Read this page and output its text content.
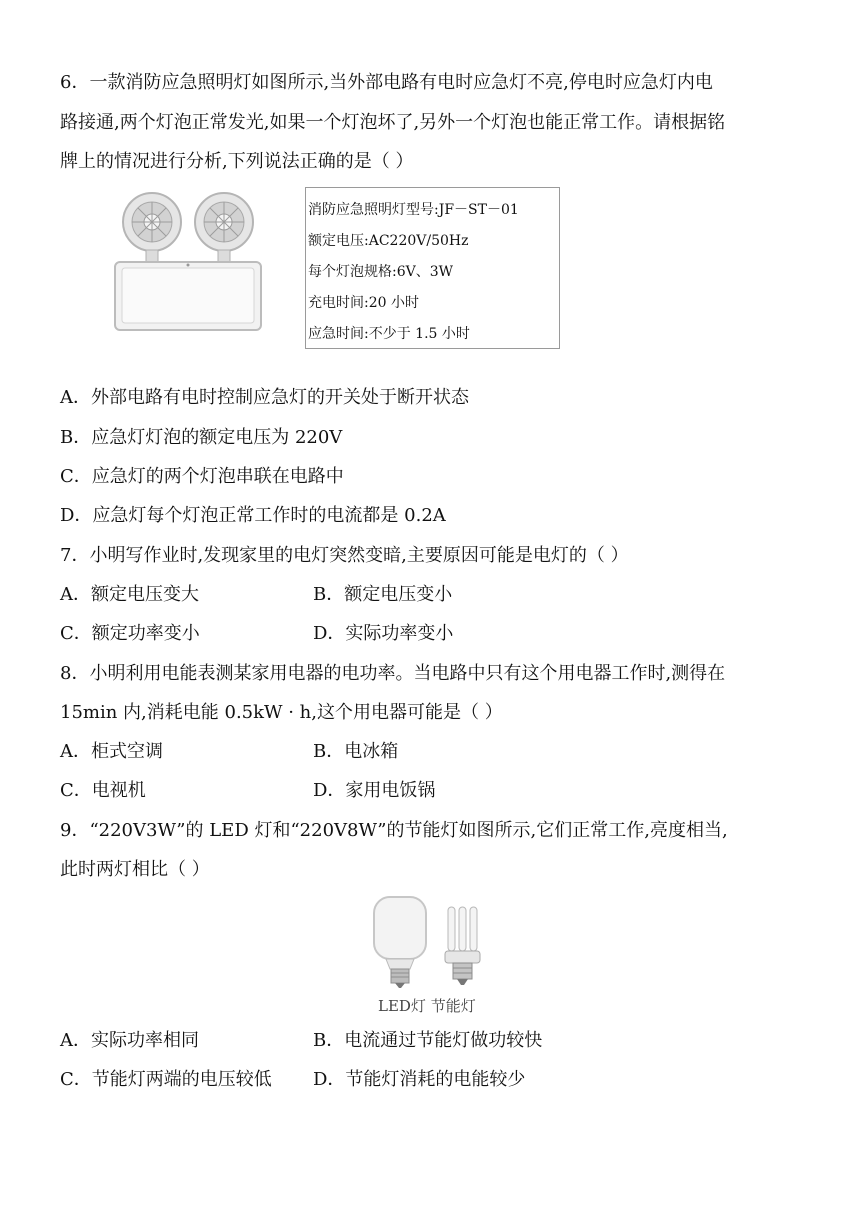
6．一款消防应急照明灯如图所示,当外部电路有电时应急灯不亮,停电时应急灯内电
路接通,两个灯泡正常发光,如果一个灯泡坏了,另外一个灯泡也能正常工作。请根据铭
牌上的情况进行分析,下列说法正确的是（ ）
消防应急照明灯型号:JF－ST－01
额定电压:AC220V/50Hz
每个灯泡规格:6V、3W
充电时间:20 小时
应急时间:不少于 1.5 小时
A．外部电路有电时控制应急灯的开关处于断开状态
B．应急灯灯泡的额定电压为 220V
C．应急灯的两个灯泡串联在电路中
D．应急灯每个灯泡正常工作时的电流都是 0.2A
7．小明写作业时,发现家里的电灯突然变暗,主要原因可能是电灯的（ ）
A．额定电压变大	B．额定电压变小
C．额定功率变小	D．实际功率变小
8．小明利用电能表测某家用电器的电功率。当电路中只有这个用电器工作时,测得在
15min 内,消耗电能 0.5kW · h,这个用电器可能是（ ）
A．柜式空调	B．电冰箱
C．电视机	D．家用电饭锅
9．“220V3W”的 LED 灯和“220V8W”的节能灯如图所示,它们正常工作,亮度相当,
此时两灯相比（ ）
LED灯 节能灯
A．实际功率相同	B．电流通过节能灯做功较快
C．节能灯两端的电压较低 D．节能灯消耗的电能较少
